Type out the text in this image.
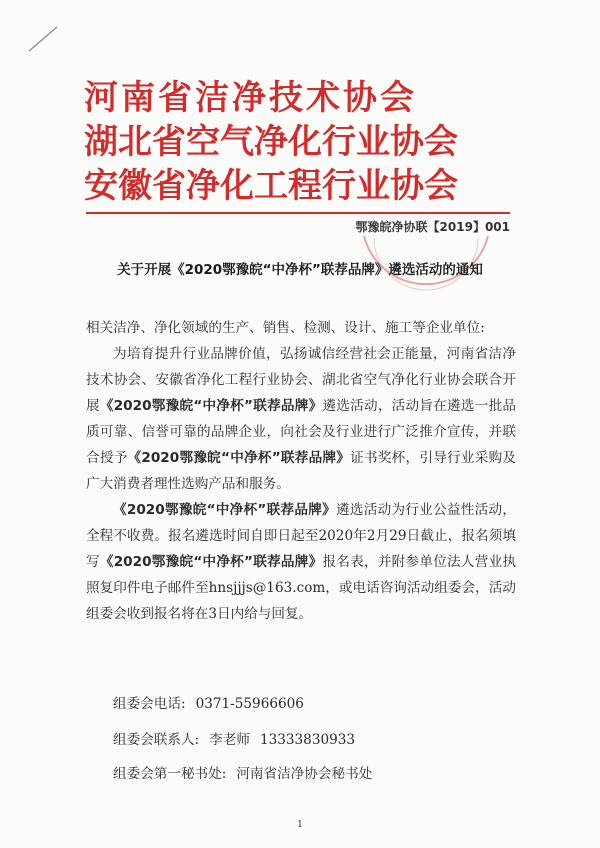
河南省洁净技术协会
湖北省空气净化行业协会
安徽省净化工程行业协会
鄂豫皖净协联【2019】001
关于开展《2020鄂豫皖“中净杯”联荐品牌》遴选活动的通知

相关洁净、净化领域的生产、销售、检测、设计、施工等企业单位:

为培育提升行业品牌价值，弘扬诚信经营社会正能量，河南省洁净技术协会、安徽省净化工程行业协会、湖北省空气净化行业协会联合开展《2020鄂豫皖“中净杯”联荐品牌》遴选活动，活动旨在遴选一批品质可靠、信誉可靠的品牌企业，向社会及行业进行广泛推介宣传，并联合授予《2020鄂豫皖“中净杯”联荐品牌》证书奖杯，引导行业采购及广大消费者理性选购产品和服务。

《2020鄂豫皖“中净杯”联荐品牌》遴选活动为行业公益性活动，全程不收费。报名遴选时间自即日起至2020年2月29日截止，报名须填写《2020鄂豫皖“中净杯”联荐品牌》报名表，并附参单位法人营业执照复印件电子邮件至hnsjjjs@163.com，或电话咨询活动组委会，活动组委会收到报名将在3日内给与回复。

组委会电话: 0371-55966606
组委会联系人: 李老师 13333830933
组委会第一秘书处: 河南省洁净协会秘书处
1
